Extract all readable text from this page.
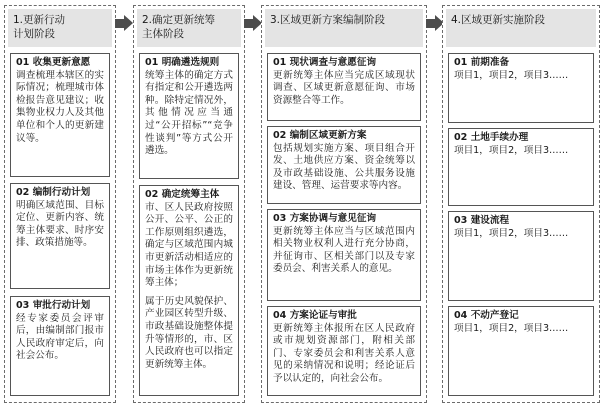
1.更新行动
计划阶段
01 收集更新意愿
调查梳理本辖区的实际情况；梳理城市体检报告意见建议；收集物业权力人及其他单位和个人的更新建议等。
02 编制行动计划
明确区域范围、目标定位、更新内容、统筹主体要求、时序安排、政策措施等。
03 审批行动计划
经专家委员会评审后，由编制部门报市人民政府审定后，向社会公布。
2.确定更新统筹
主体阶段
01 明确遴选规则
统筹主体的确定方式有指定和公开遴选两种。除特定情况外，其他情况应当通过“公开招标”“竞争性谈判”等方式公开遴选。
02 确定统筹主体
市、区人民政府按照公开、公平、公正的工作原则组织遴选，确定与区域范围内城市更新活动相适应的市场主体作为更新统筹主体；
属于历史风貌保护、产业园区转型升级、市政基础设施整体提升等情形的，市、区人民政府也可以指定更新统筹主体。
3.区域更新方案编制阶段
01 现状调查与意愿征询
更新统筹主体应当完成区域现状调查、区域更新意愿征询、市场资源整合等工作。
02 编制区域更新方案
包括规划实施方案、项目组合开发、土地供应方案、资金统筹以及市政基础设施、公共服务设施建设、管理、运营要求等内容。
03 方案协调与意见征询
更新统筹主体应当与区域范围内相关物业权利人进行充分协商，并征询市、区相关部门以及专家委员会、利害关系人的意见。
04 方案论证与审批
更新统筹主体报所在区人民政府或市规划资源部门，附相关部门、专家委员会和利害关系人意见的采纳情况和说明；经论证后予以认定的，向社会公布。
4.区域更新实施阶段
01 前期准备
项目1，项目2，项目3……
02 土地手续办理
项目1，项目2，项目3……
03 建设流程
项目1，项目2，项目3……
04 不动产登记
项目1，项目2，项目3……
